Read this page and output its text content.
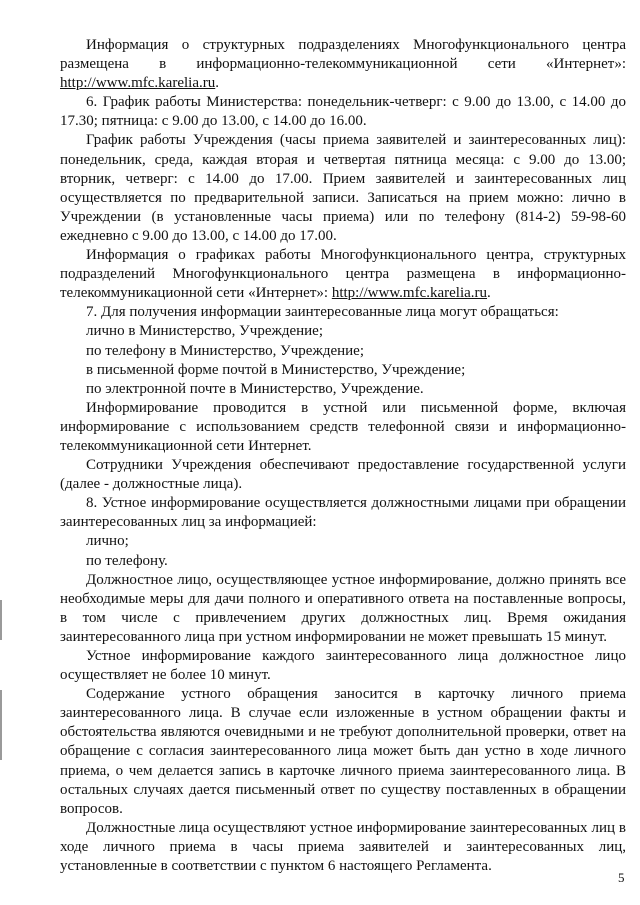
Информация о структурных подразделениях Многофункционального центра размещена в информационно-телекоммуникационной сети «Интернет»: http://www.mfc.karelia.ru.

6. График работы Министерства: понедельник-четверг: с 9.00 до 13.00, с 14.00 до 17.30; пятница: с 9.00 до 13.00, с 14.00 до 16.00.

График работы Учреждения (часы приема заявителей и заинтересованных лиц): понедельник, среда, каждая вторая и четвертая пятница месяца: с 9.00 до 13.00; вторник, четверг: с 14.00 до 17.00. Прием заявителей и заинтересованных лиц осуществляется по предварительной записи. Записаться на прием можно: лично в Учреждении (в установленные часы приема) или по телефону (814-2) 59-98-60 ежедневно с 9.00 до 13.00, с 14.00 до 17.00.

Информация о графиках работы Многофункционального центра, структурных подразделений Многофункционального центра размещена в информационно-телекоммуникационной сети «Интернет»: http://www.mfc.karelia.ru.

7. Для получения информации заинтересованные лица могут обращаться:

лично в Министерство, Учреждение;

по телефону в Министерство, Учреждение;

в письменной форме почтой в Министерство, Учреждение;

по электронной почте в Министерство, Учреждение.

Информирование проводится в устной или письменной форме, включая информирование с использованием средств телефонной связи и информационно-телекоммуникационной сети Интернет.

Сотрудники Учреждения обеспечивают предоставление государственной услуги (далее - должностные лица).

8. Устное информирование осуществляется должностными лицами при обращении заинтересованных лиц за информацией:

лично;

по телефону.

Должностное лицо, осуществляющее устное информирование, должно принять все необходимые меры для дачи полного и оперативного ответа на поставленные вопросы, в том числе с привлечением других должностных лиц. Время ожидания заинтересованного лица при устном информировании не может превышать 15 минут.

Устное информирование каждого заинтересованного лица должностное лицо осуществляет не более 10 минут.

Содержание устного обращения заносится в карточку личного приема заинтересованного лица. В случае если изложенные в устном обращении факты и обстоятельства являются очевидными и не требуют дополнительной проверки, ответ на обращение с согласия заинтересованного лица может быть дан устно в ходе личного приема, о чем делается запись в карточке личного приема заинтересованного лица. В остальных случаях дается письменный ответ по существу поставленных в обращении вопросов.

Должностные лица осуществляют устное информирование заинтересованных лиц в ходе личного приема в часы приема заявителей и заинтересованных лиц, установленные в соответствии с пунктом 6 настоящего Регламента.

5
